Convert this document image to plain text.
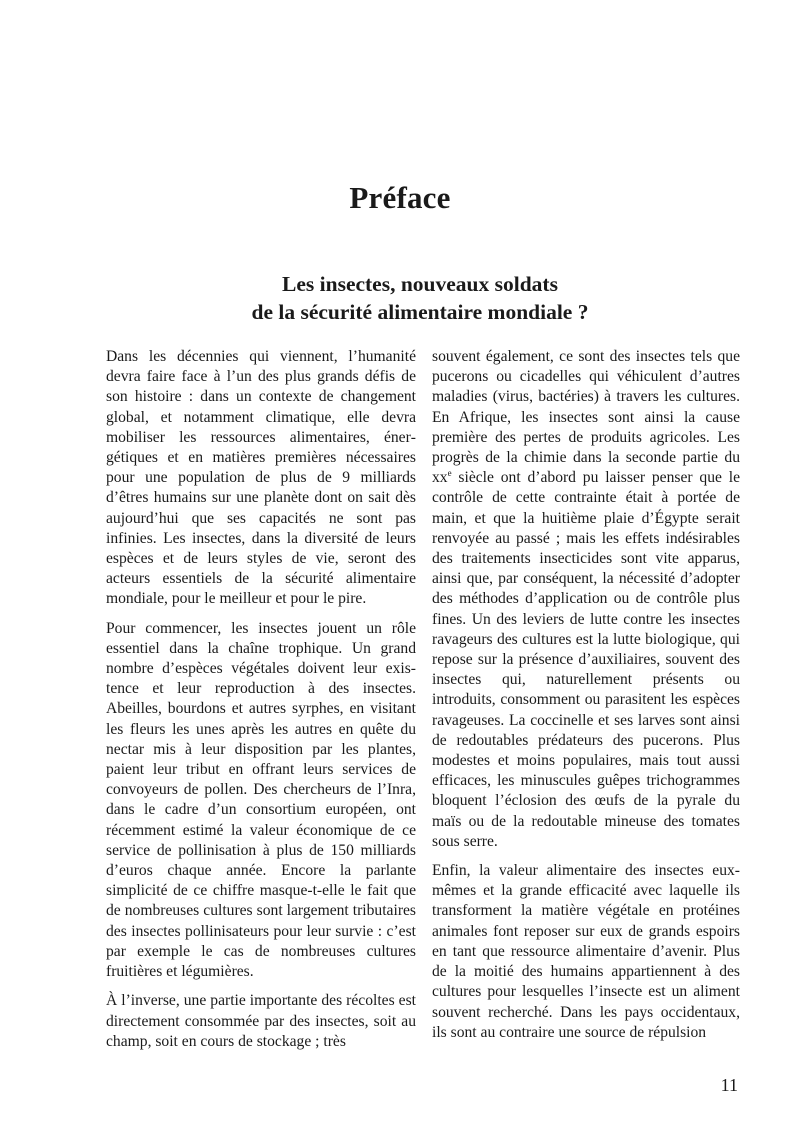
Préface
Les insectes, nouveaux soldats
de la sécurité alimentaire mondiale ?

Dans les décennies qui viennent, l’humanité devra faire face à l’un des plus grands défis de son histoire : dans un contexte de changement global, et notamment climatique, elle devra mobiliser les ressources alimentaires, énergétiques et en matières premières nécessaires pour une population de plus de 9 milliards d’êtres humains sur une planète dont on sait dès aujourd’hui que ses capacités ne sont pas infinies. Les insectes, dans la diversité de leurs espèces et de leurs styles de vie, seront des acteurs essentiels de la sécurité alimentaire mondiale, pour le meilleur et pour le pire.

Pour commencer, les insectes jouent un rôle essentiel dans la chaîne trophique. Un grand nombre d’espèces végétales doivent leur existence et leur reproduction à des insectes. Abeilles, bourdons et autres syrphes, en visitant les fleurs les unes après les autres en quête du nectar mis à leur disposition par les plantes, paient leur tribut en offrant leurs services de convoyeurs de pollen. Des chercheurs de l’Inra, dans le cadre d’un consortium européen, ont récemment estimé la valeur économique de ce service de pollinisation à plus de 150 milliards d’euros chaque année. Encore la parlante simplicité de ce chiffre masque-t-elle le fait que de nombreuses cultures sont largement tributaires des insectes pollinisateurs pour leur survie : c’est par exemple le cas de nombreuses cultures fruitières et légumières.

À l’inverse, une partie importante des récoltes est directement consommée par des insectes, soit au champ, soit en cours de stockage ; très

souvent également, ce sont des insectes tels que pucerons ou cicadelles qui véhiculent d’autres maladies (virus, bactéries) à travers les cultures. En Afrique, les insectes sont ainsi la cause première des pertes de produits agricoles. Les progrès de la chimie dans la seconde partie du $xx^e$ siècle ont d’abord pu laisser penser que le contrôle de cette contrainte était à portée de main, et que la huitième plaie d’Égypte serait renvoyée au passé ; mais les effets indésirables des traitements insecticides sont vite apparus, ainsi que, par conséquent, la nécessité d’adopter des méthodes d’application ou de contrôle plus fines. Un des leviers de lutte contre les insectes ravageurs des cultures est la lutte biologique, qui repose sur la présence d’auxiliaires, souvent des insectes qui, naturellement présents ou introduits, consomment ou parasitent les espèces ravageuses. La coccinelle et ses larves sont ainsi de redoutables prédateurs des pucerons. Plus modestes et moins populaires, mais tout aussi efficaces, les minuscules guêpes trichogrammes bloquent l’éclosion des œufs de la pyrale du maïs ou de la redoutable mineuse des tomates sous serre.

Enfin, la valeur alimentaire des insectes eux-mêmes et la grande efficacité avec laquelle ils transforment la matière végétale en protéines animales font reposer sur eux de grands espoirs en tant que ressource alimentaire d’avenir. Plus de la moitié des humains appartiennent à des cultures pour lesquelles l’insecte est un aliment souvent recherché. Dans les pays occidentaux, ils sont au contraire une source de répulsion

11
